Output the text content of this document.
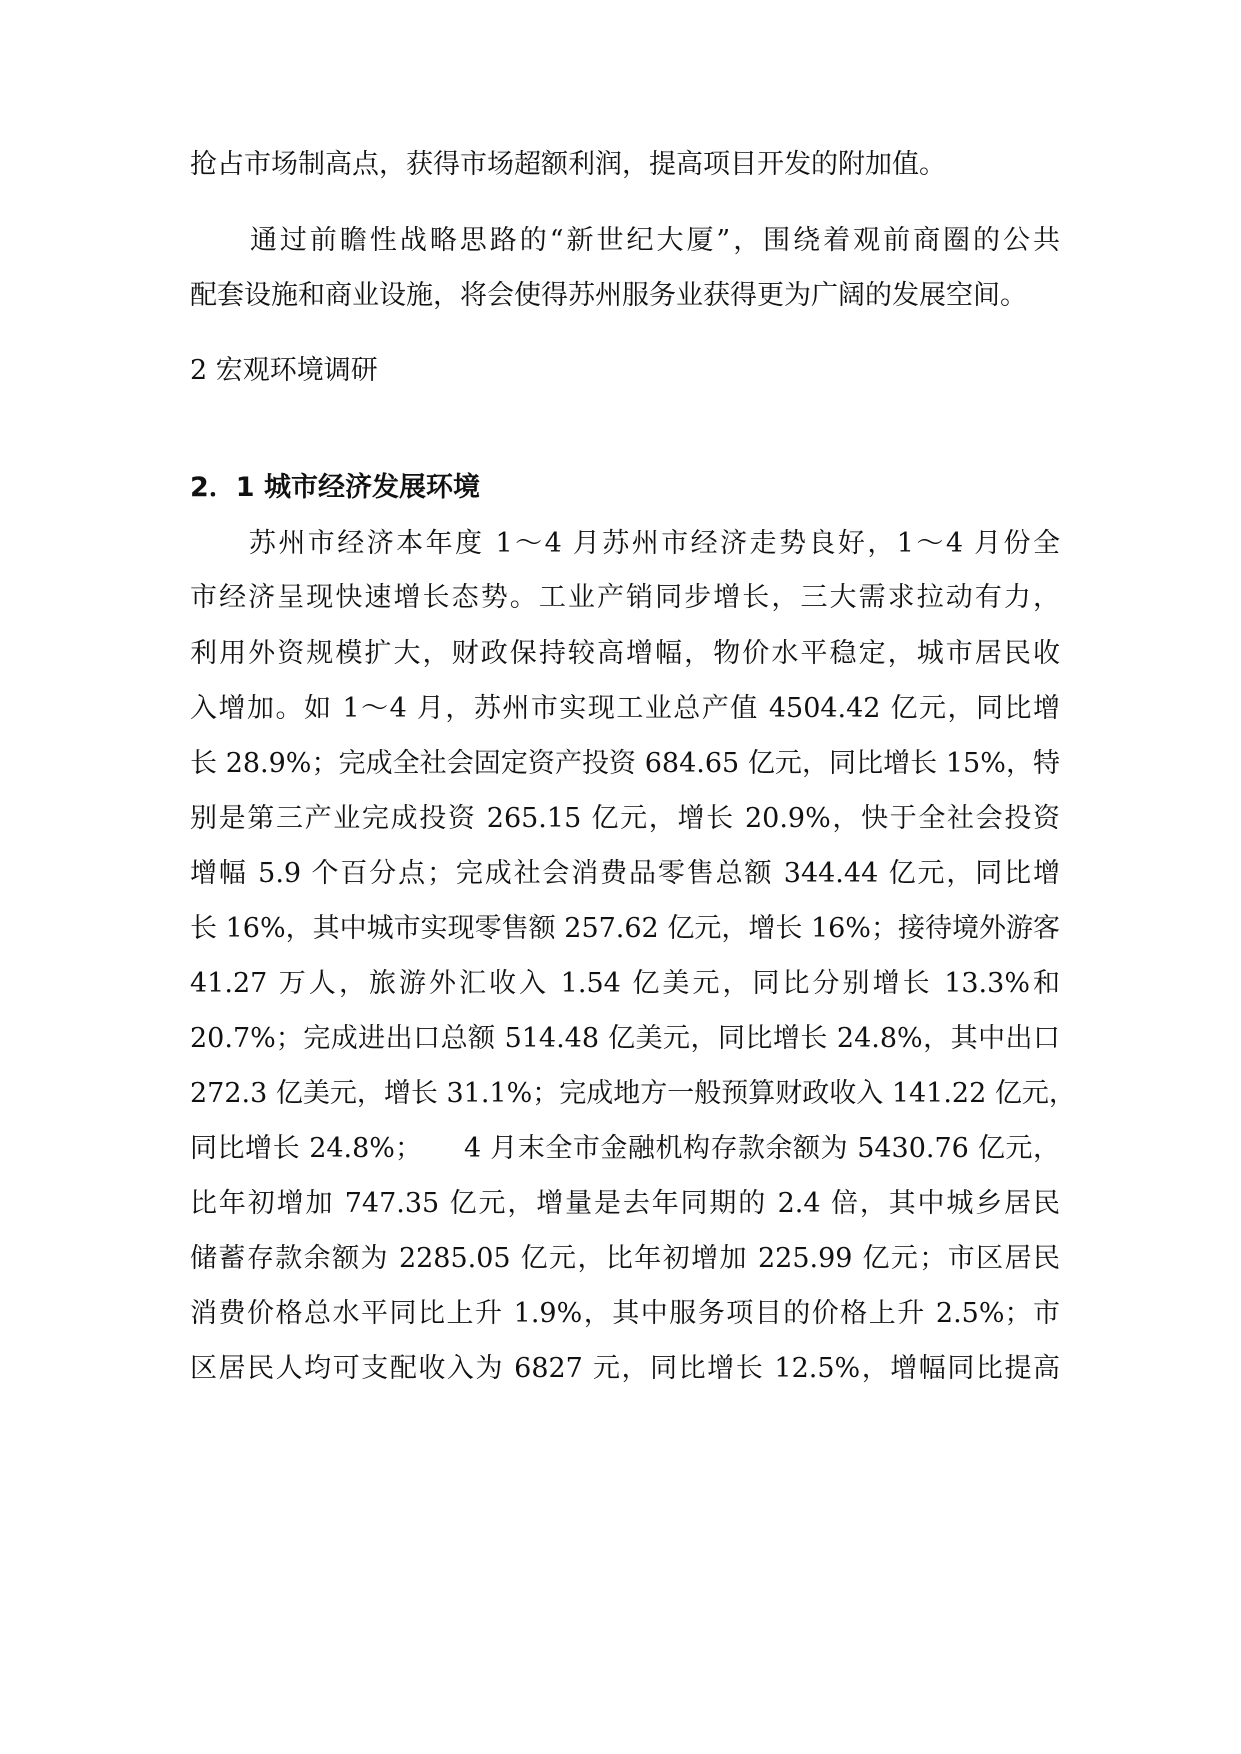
抢占市场制高点，获得市场超额利润，提高项目开发的附加值。
　　通过前瞻性战略思路的“新世纪大厦”，围绕着观前商圈的公共
配套设施和商业设施，将会使得苏州服务业获得更为广阔的发展空间。
2 宏观环境调研
2．1 城市经济发展环境
　　苏州市经济本年度 1～4 月苏州市经济走势良好，1～4 月份全
市经济呈现快速增长态势。工业产销同步增长，三大需求拉动有力，
利用外资规模扩大，财政保持较高增幅，物价水平稳定，城市居民收
入增加。如 1～4 月，苏州市实现工业总产值 4504.42 亿元，同比增
长 28.9%；完成全社会固定资产投资 684.65 亿元，同比增长 15%，特
别是第三产业完成投资 265.15 亿元，增长 20.9%，快于全社会投资
增幅 5.9 个百分点；完成社会消费品零售总额 344.44 亿元，同比增
长 16%，其中城市实现零售额 257.62 亿元，增长 16%；接待境外游客
41.27 万人，旅游外汇收入 1.54 亿美元，同比分别增长 13.3%和
20.7%；完成进出口总额 514.48 亿美元，同比增长 24.8%，其中出口
272.3 亿美元，增长 31.1%；完成地方一般预算财政收入 141.22 亿元，
同比增长 24.8%；　　4 月末全市金融机构存款余额为 5430.76 亿元，
比年初增加 747.35 亿元，增量是去年同期的 2.4 倍，其中城乡居民
储蓄存款余额为 2285.05 亿元，比年初增加 225.99 亿元；市区居民
消费价格总水平同比上升 1.9%，其中服务项目的价格上升 2.5%；市
区居民人均可支配收入为 6827 元，同比增长 12.5%，增幅同比提高
